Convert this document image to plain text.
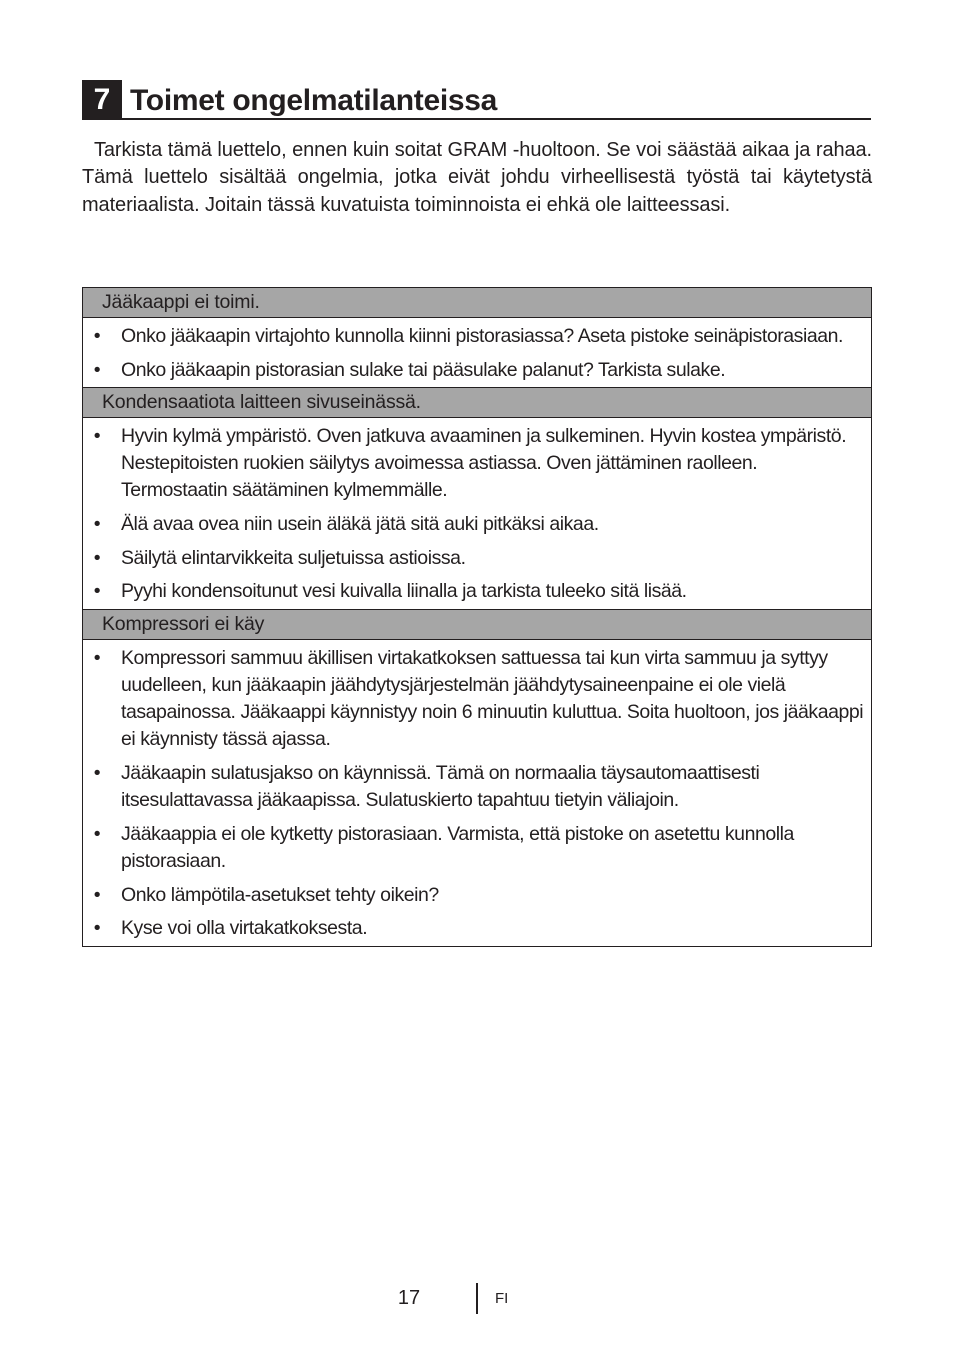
7 Toimet ongelmatilanteissa

Tarkista tämä luettelo, ennen kuin soitat GRAM -huoltoon. Se voi säästää aikaa ja rahaa. Tämä luettelo sisältää ongelmia, jotka eivät johdu virheellisestä työstä tai käytetystä materiaalista. Joitain tässä kuvatuista toiminnoista ei ehkä ole laitteessasi.

Jääkaappi ei toimi.
• Onko jääkaapin virtajohto kunnolla kiinni pistorasiassa? Aseta pistoke seinäpistorasiaan.
• Onko jääkaapin pistorasian sulake tai pääsulake palanut? Tarkista sulake.
Kondensaatiota laitteen sivuseinässä.
• Hyvin kylmä ympäristö. Oven jatkuva avaaminen ja sulkeminen. Hyvin kostea ympäristö. Nestepitoisten ruokien säilytys avoimessa astiassa. Oven jättäminen raolleen. Termostaatin säätäminen kylmemmälle.
• Älä avaa ovea niin usein äläkä jätä sitä auki pitkäksi aikaa.
• Säilytä elintarvikkeita suljetuissa astioissa.
• Pyyhi kondensoitunut vesi kuivalla liinalla ja tarkista tuleeko sitä lisää.
Kompressori ei käy
• Kompressori sammuu äkillisen virtakatkoksen sattuessa tai kun virta sammuu ja syttyy uudelleen, kun jääkaapin jäähdytysjärjestelmän jäähdytysaineenpaine ei ole vielä tasapainossa. Jääkaappi käynnistyy noin 6 minuutin kuluttua. Soita huoltoon, jos jääkaappi ei käynnisty tässä ajassa.
• Jääkaapin sulatusjakso on käynnissä. Tämä on normaalia täysautomaattisesti itsesulattavassa jääkaapissa. Sulatuskierto tapahtuu tietyin väliajoin.
• Jääkaappia ei ole kytketty pistorasiaan. Varmista, että pistoke on asetettu kunnolla pistorasiaan.
• Onko lämpötila-asetukset tehty oikein?
• Kyse voi olla virtakatkoksesta.
17	FI
